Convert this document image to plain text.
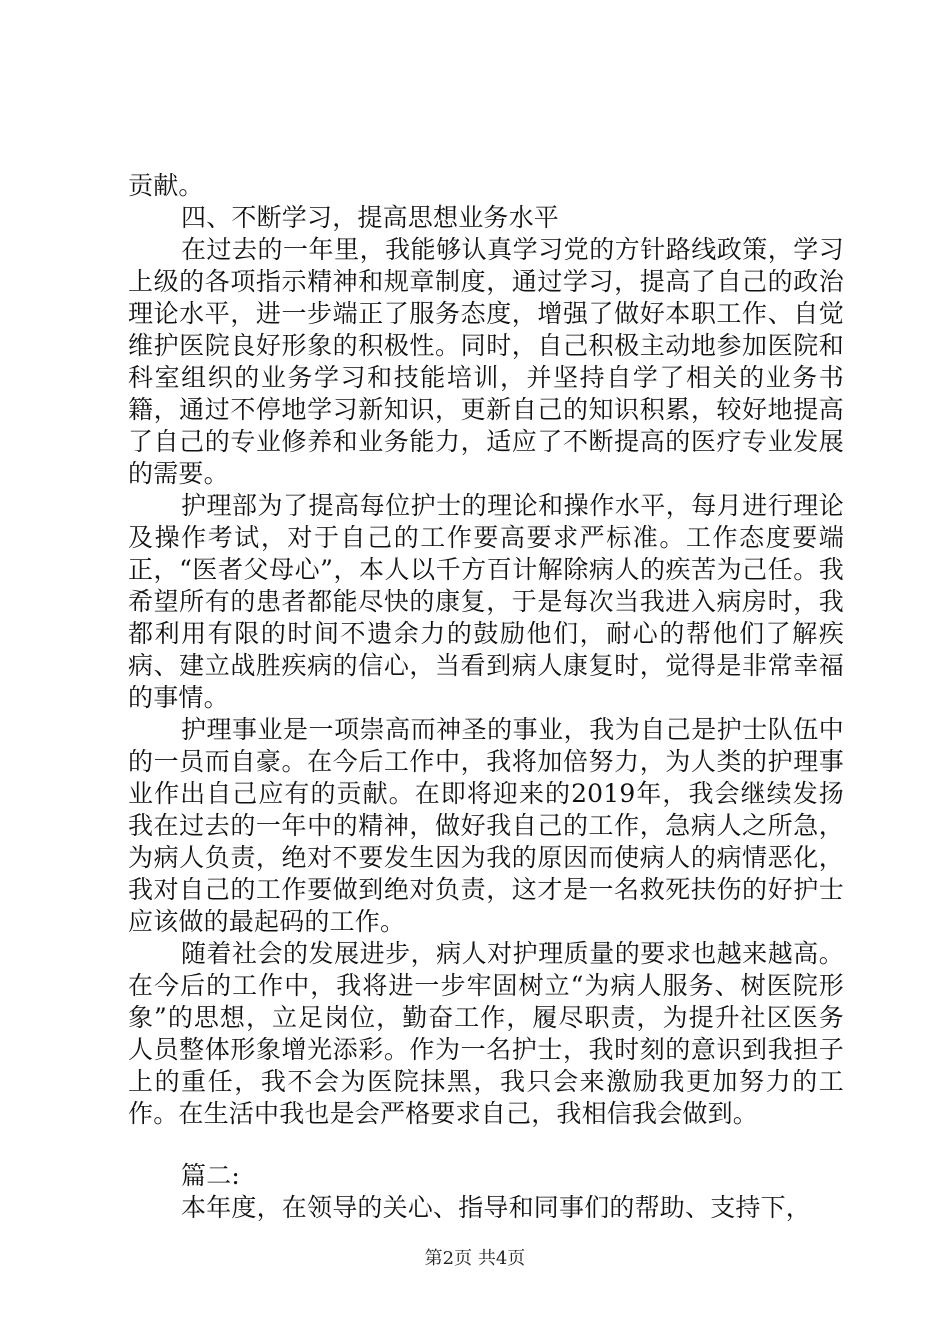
贡献。

四、不断学习，提高思想业务水平

在过去的一年里，我能够认真学习党的方针路线政策，学习上级的各项指示精神和规章制度，通过学习，提高了自己的政治理论水平，进一步端正了服务态度，增强了做好本职工作、自觉维护医院良好形象的积极性。同时，自己积极主动地参加医院和科室组织的业务学习和技能培训，并坚持自学了相关的业务书籍，通过不停地学习新知识，更新自己的知识积累，较好地提高了自己的专业修养和业务能力，适应了不断提高的医疗专业发展的需要。

护理部为了提高每位护士的理论和操作水平，每月进行理论及操作考试，对于自己的工作要高要求严标准。工作态度要端正，“医者父母心”，本人以千方百计解除病人的疾苦为己任。我希望所有的患者都能尽快的康复，于是每次当我进入病房时，我都利用有限的时间不遗余力的鼓励他们，耐心的帮他们了解疾病、建立战胜疾病的信心，当看到病人康复时，觉得是非常幸福的事情。

护理事业是一项崇高而神圣的事业，我为自己是护士队伍中的一员而自豪。在今后工作中，我将加倍努力，为人类的护理事业作出自己应有的贡献。在即将迎来的2019年，我会继续发扬我在过去的一年中的精神，做好我自己的工作，急病人之所急，为病人负责，绝对不要发生因为我的原因而使病人的病情恶化，我对自己的工作要做到绝对负责，这才是一名救死扶伤的好护士应该做的最起码的工作。

随着社会的发展进步，病人对护理质量的要求也越来越高。在今后的工作中，我将进一步牢固树立“为病人服务、树医院形象”的思想，立足岗位，勤奋工作，履尽职责，为提升社区医务人员整体形象增光添彩。作为一名护士，我时刻的意识到我担子上的重任，我不会为医院抹黑，我只会来激励我更加努力的工作。在生活中我也是会严格要求自己，我相信我会做到。

篇二:

本年度，在领导的关心、指导和同事们的帮助、支持下，

第2页 共4页
